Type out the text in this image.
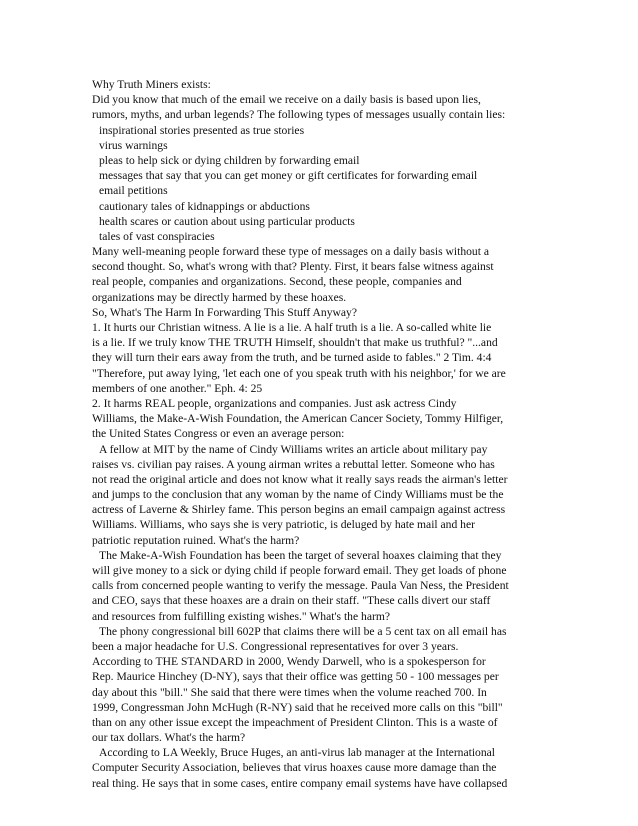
Why Truth Miners exists:
Did you know that much of the email we receive on a daily basis is based upon lies,
rumors, myths, and urban legends? The following types of messages usually contain lies:
inspirational stories presented as true stories
virus warnings
pleas to help sick or dying children by forwarding email
messages that say that you can get money or gift certificates for forwarding email
email petitions
cautionary tales of kidnappings or abductions
health scares or caution about using particular products
tales of vast conspiracies
Many well-meaning people forward these type of messages on a daily basis without a
second thought. So, what's wrong with that? Plenty. First, it bears false witness against
real people, companies and organizations. Second, these people, companies and
organizations may be directly harmed by these hoaxes.
So, What's The Harm In Forwarding This Stuff Anyway?
1. It hurts our Christian witness. A lie is a lie. A half truth is a lie. A so-called white lie
is a lie. If we truly know THE TRUTH Himself, shouldn't that make us truthful? "...and
they will turn their ears away from the truth, and be turned aside to fables." 2 Tim. 4:4
"Therefore, put away lying, 'let each one of you speak truth with his neighbor,' for we are
members of one another." Eph. 4: 25
2. It harms REAL people, organizations and companies. Just ask actress Cindy
Williams, the Make-A-Wish Foundation, the American Cancer Society, Tommy Hilfiger,
the United States Congress or even an average person:
A fellow at MIT by the name of Cindy Williams writes an article about military pay
raises vs. civilian pay raises. A young airman writes a rebuttal letter. Someone who has
not read the original article and does not know what it really says reads the airman's letter
and jumps to the conclusion that any woman by the name of Cindy Williams must be the
actress of Laverne & Shirley fame. This person begins an email campaign against actress
Williams. Williams, who says she is very patriotic, is deluged by hate mail and her
patriotic reputation ruined. What's the harm?
The Make-A-Wish Foundation has been the target of several hoaxes claiming that they
will give money to a sick or dying child if people forward email. They get loads of phone
calls from concerned people wanting to verify the message. Paula Van Ness, the President
and CEO, says that these hoaxes are a drain on their staff. "These calls divert our staff
and resources from fulfilling existing wishes." What's the harm?
The phony congressional bill 602P that claims there will be a 5 cent tax on all email has
been a major headache for U.S. Congressional representatives for over 3 years.
According to THE STANDARD in 2000, Wendy Darwell, who is a spokesperson for
Rep. Maurice Hinchey (D-NY), says that their office was getting 50 - 100 messages per
day about this "bill." She said that there were times when the volume reached 700. In
1999, Congressman John McHugh (R-NY) said that he received more calls on this "bill"
than on any other issue except the impeachment of President Clinton. This is a waste of
our tax dollars. What's the harm?
According to LA Weekly, Bruce Huges, an anti-virus lab manager at the International
Computer Security Association, believes that virus hoaxes cause more damage than the
real thing. He says that in some cases, entire company email systems have have collapsed
